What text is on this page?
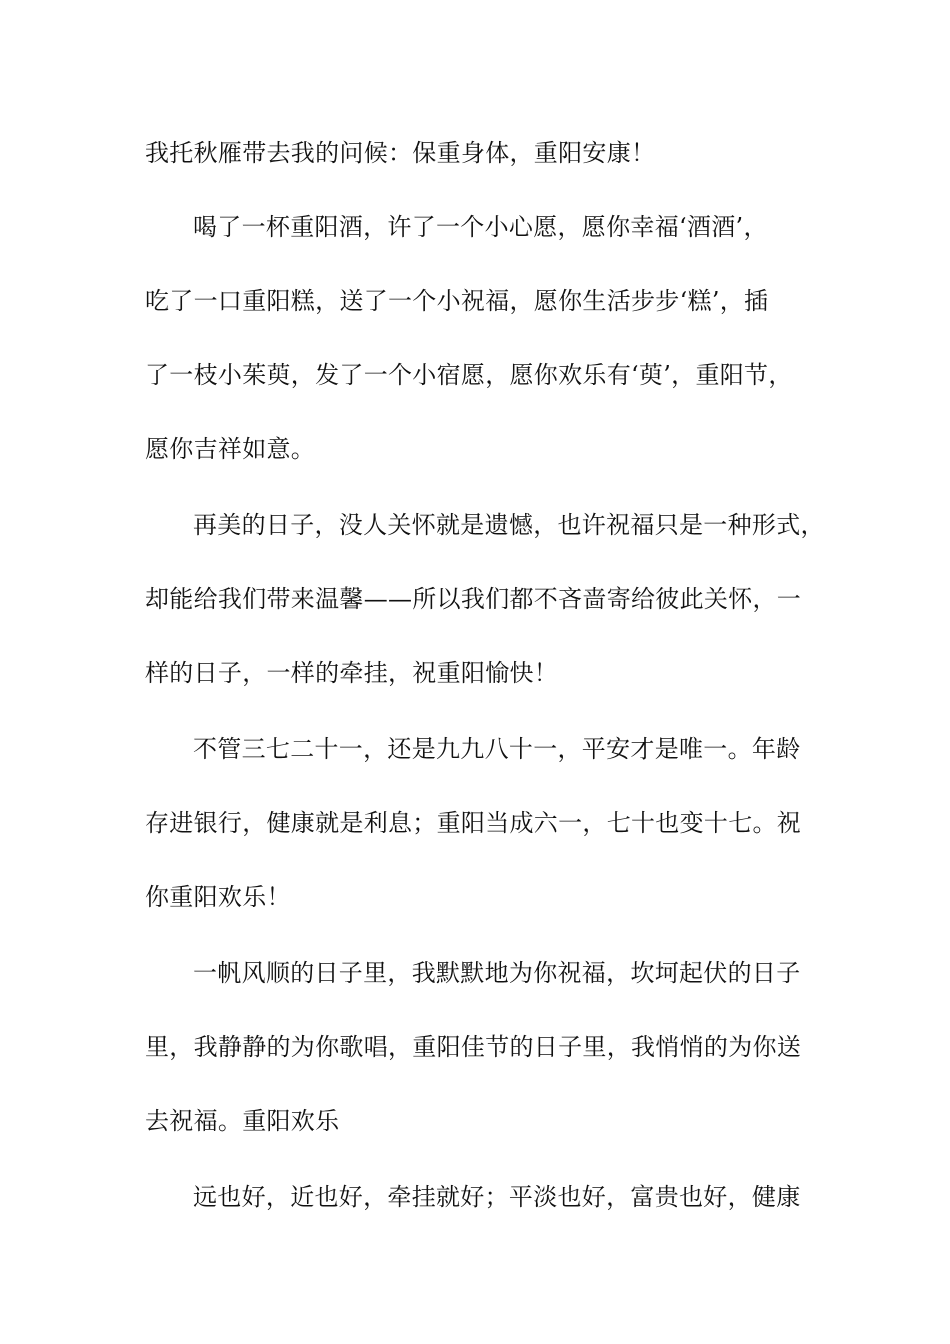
我托秋雁带去我的问候：保重身体，重阳安康！
喝了一杯重阳酒，许了一个小心愿，愿你幸福‘酒酒’，
吃了一口重阳糕，送了一个小祝福，愿你生活步步‘糕’，插
了一枝小茱萸，发了一个小宿愿，愿你欢乐有‘萸’，重阳节，
愿你吉祥如意。
再美的日子，没人关怀就是遗憾，也许祝福只是一种形式，
却能给我们带来温馨——所以我们都不吝啬寄给彼此关怀，一
样的日子，一样的牵挂，祝重阳愉快！
不管三七二十一，还是九九八十一，平安才是唯一。年龄
存进银行，健康就是利息；重阳当成六一，七十也变十七。祝
你重阳欢乐！
一帆风顺的日子里，我默默地为你祝福，坎坷起伏的日子
里，我静静的为你歌唱，重阳佳节的日子里，我悄悄的为你送
去祝福。重阳欢乐
远也好，近也好，牵挂就好；平淡也好，富贵也好，健康
